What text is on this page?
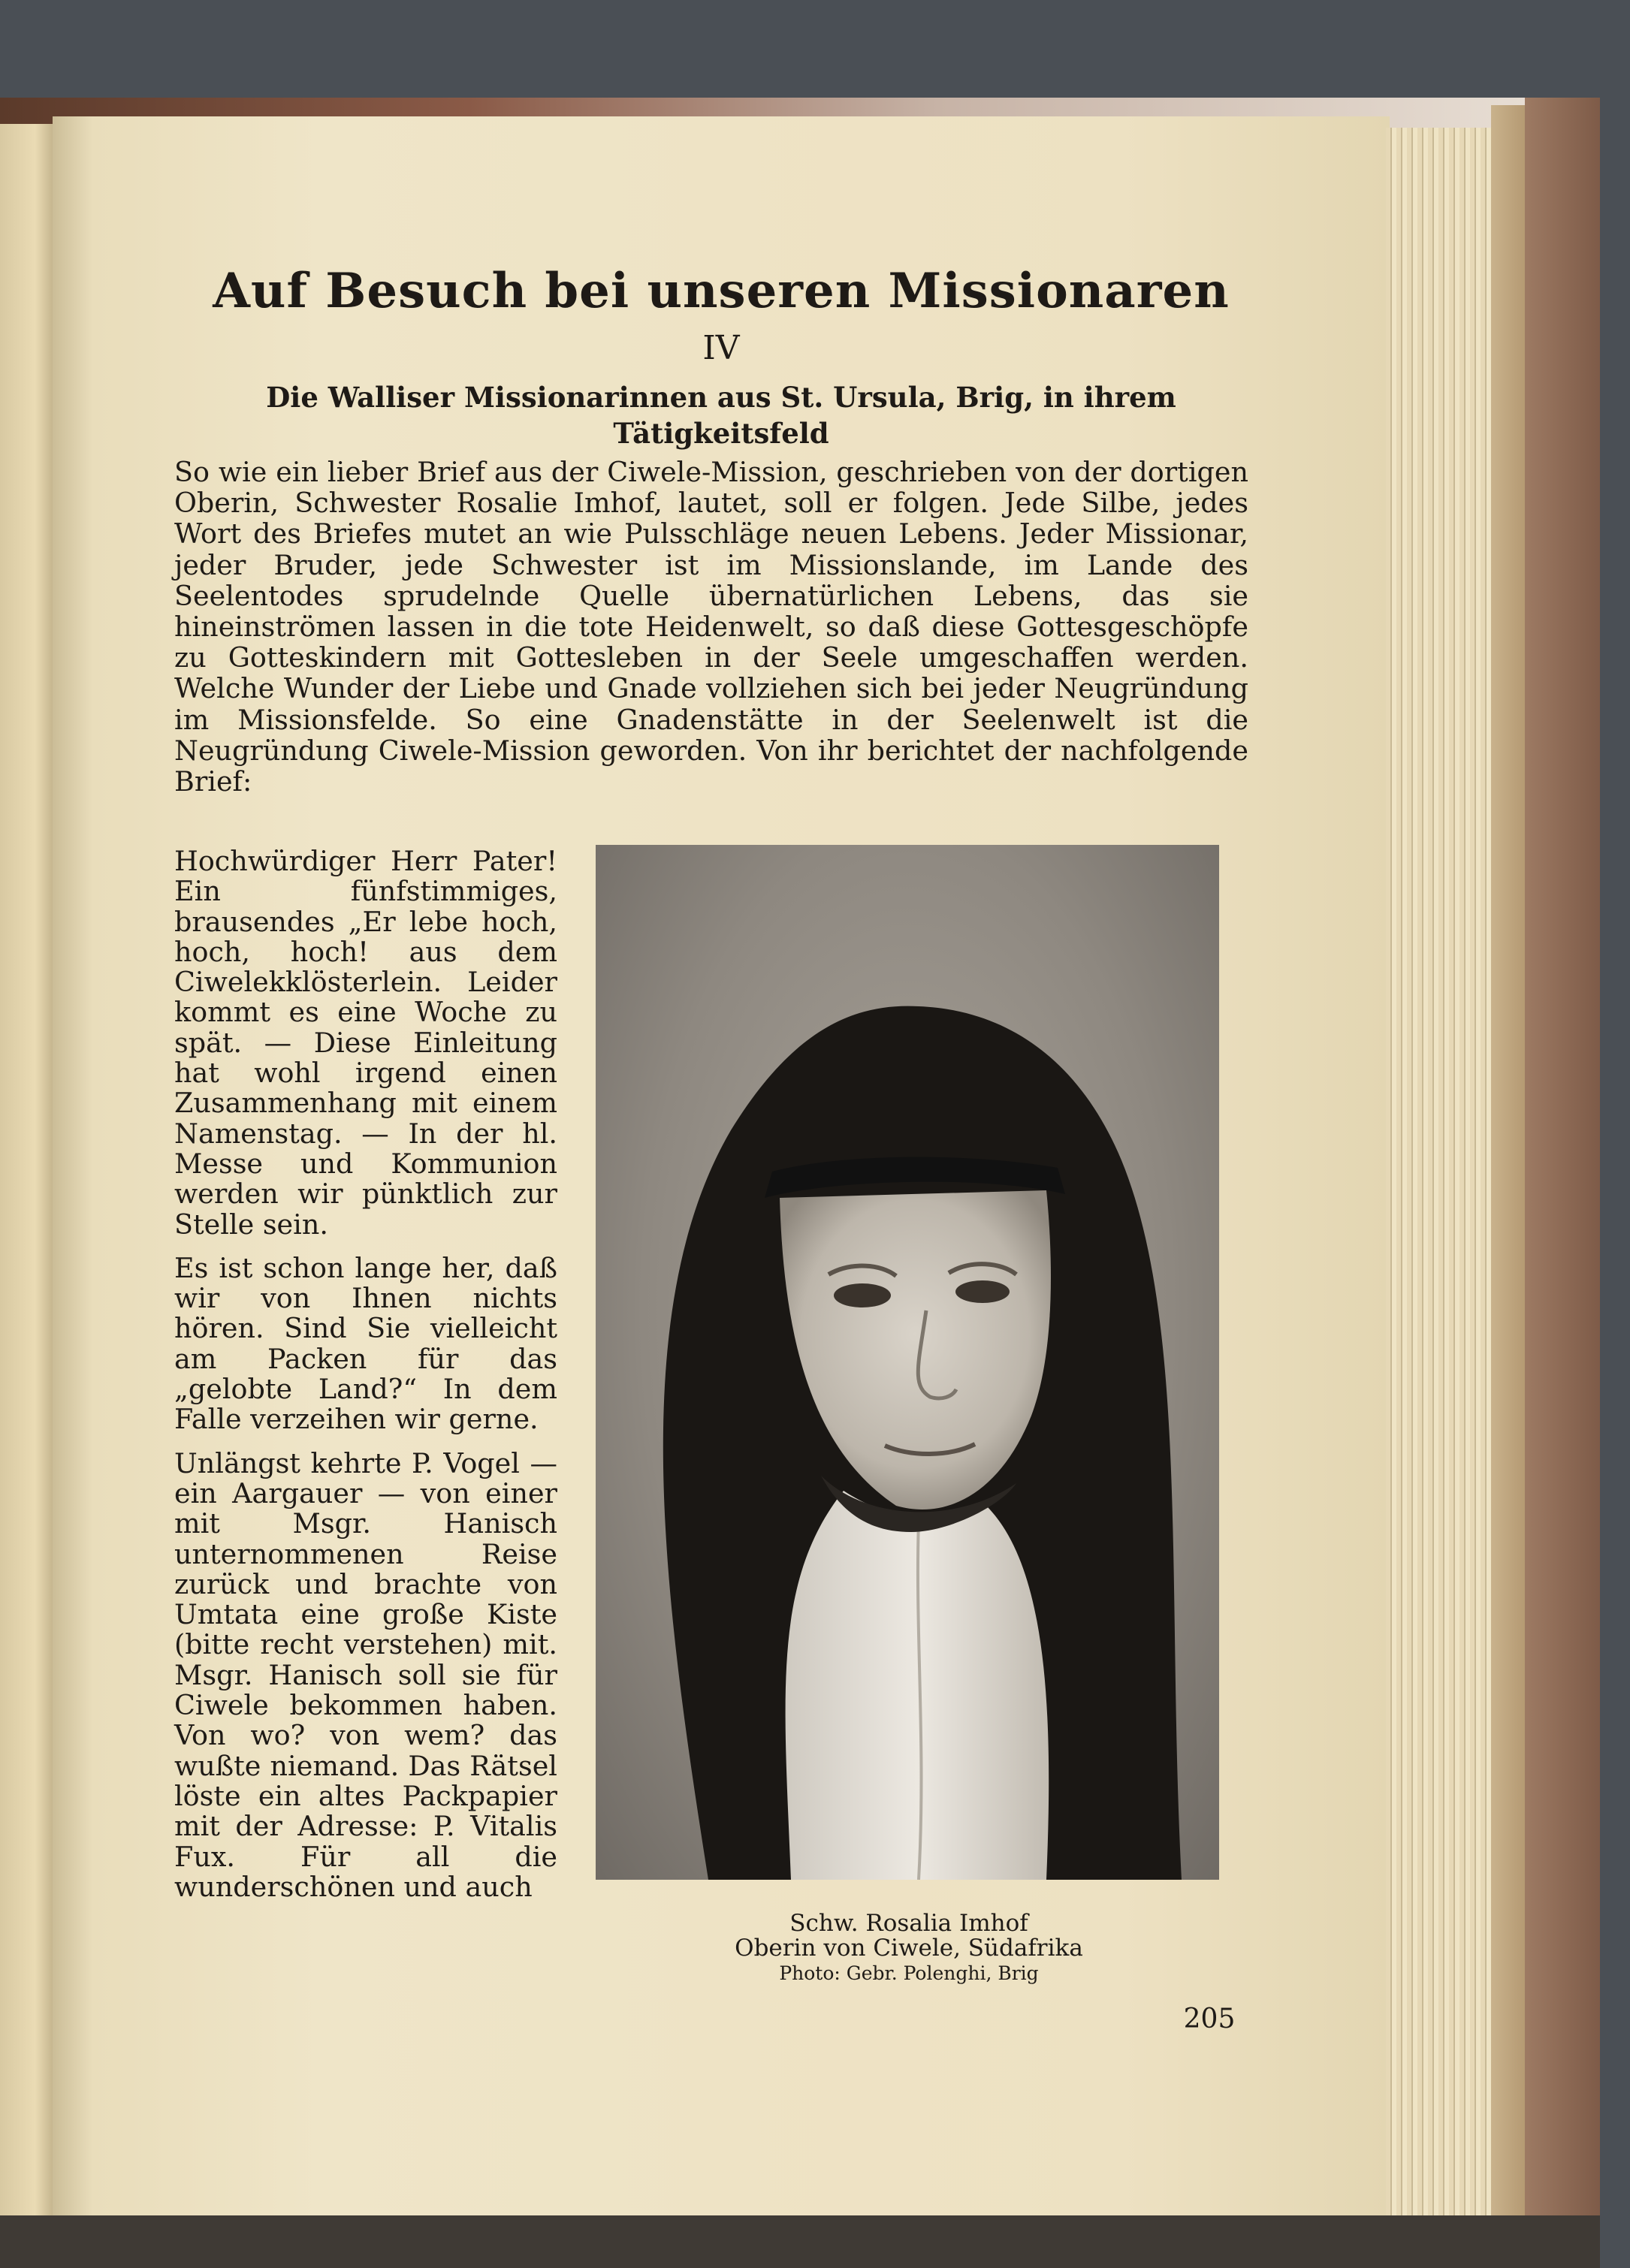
Auf Besuch bei unseren Missionaren
IV
Die Walliser Missionarinnen aus St. Ursula, Brig, in ihrem Tätigkeitsfeld
So wie ein lieber Brief aus der Ciwele-Mission, geschrieben von der dortigen Oberin, Schwester Rosalie Imhof, lautet, soll er folgen. Jede Silbe, jedes Wort des Briefes mutet an wie Pulsschläge neuen Lebens. Jeder Missionar, jeder Bruder, jede Schwester ist im Missionslande, im Lande des Seelentodes sprudelnde Quelle übernatürlichen Lebens, das sie hineinströmen lassen in die tote Heidenwelt, so daß diese Gottesgeschöpfe zu Gotteskindern mit Gottesleben in der Seele umgeschaffen werden. Welche Wunder der Liebe und Gnade vollziehen sich bei jeder Neugründung im Missionsfelde. So eine Gnadenstätte in der Seelenwelt ist die Neugründung Ciwele-Mission geworden. Von ihr berichtet der nachfolgende Brief:

Hochwürdiger Herr Pater! Ein fünfstimmiges, brausendes „Er lebe hoch, hoch, hoch! aus dem Ciwelekklösterlein. Leider kommt es eine Woche zu spät. — Diese Einleitung hat wohl irgend einen Zusammenhang mit einem Namenstag. — In der hl. Messe und Kommunion werden wir pünktlich zur Stelle sein.

Es ist schon lange her, daß wir von Ihnen nichts hören. Sind Sie vielleicht am Packen für das „gelobte Land?“ In dem Falle verzeihen wir gerne.

Unlängst kehrte P. Vogel — ein Aargauer — von einer mit Msgr. Hanisch unternommenen Reise zurück und brachte von Umtata eine große Kiste (bitte recht verstehen) mit. Msgr. Hanisch soll sie für Ciwele bekommen haben. Von wo? von wem? das wußte niemand. Das Rätsel löste ein altes Packpapier mit der Adresse: P. Vitalis Fux. Für all die wunderschönen und auch

Schw. Rosalia Imhof
Oberin von Ciwele, Südafrika
Photo: Gebr. Polenghi, Brig
205
